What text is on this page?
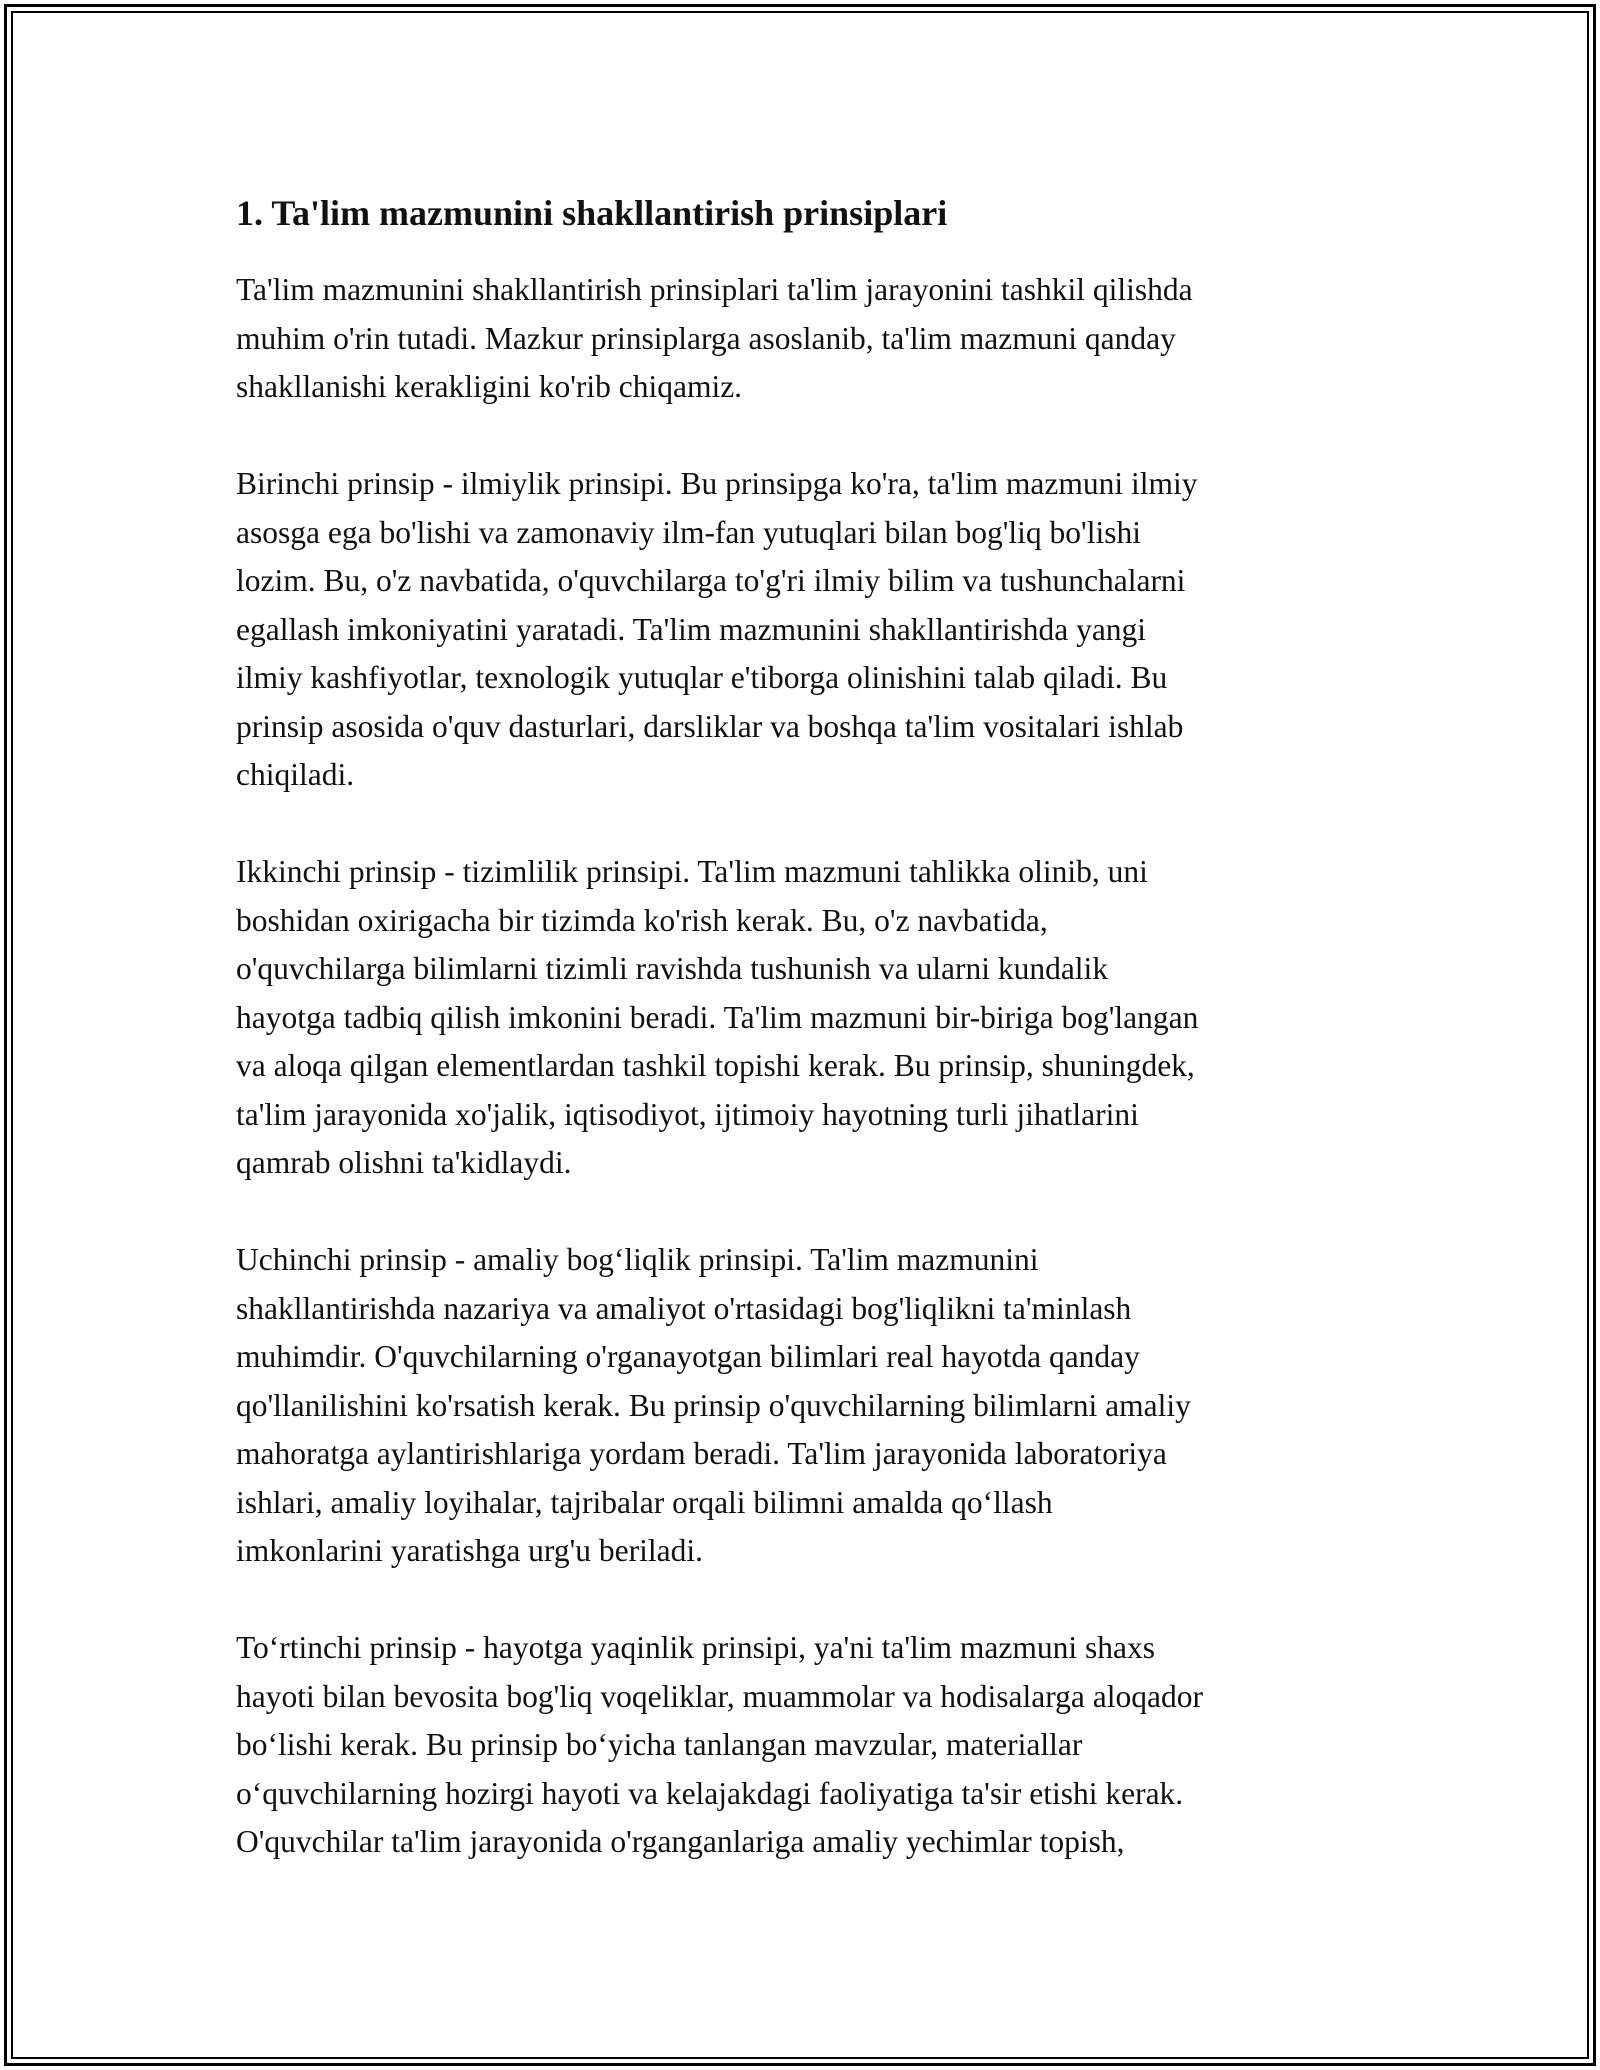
1. Ta'lim mazmunini shakllantirish prinsiplari
Ta'lim mazmunini shakllantirish prinsiplari ta'lim jarayonini tashkil qilishda
muhim o'rin tutadi. Mazkur prinsiplarga asoslanib, ta'lim mazmuni qanday
shakllanishi kerakligini ko'rib chiqamiz.
Birinchi prinsip - ilmiylik prinsipi. Bu prinsipga ko'ra, ta'lim mazmuni ilmiy
asosga ega bo'lishi va zamonaviy ilm-fan yutuqlari bilan bog'liq bo'lishi
lozim. Bu, o'z navbatida, o'quvchilarga to'g'ri ilmiy bilim va tushunchalarni
egallash imkoniyatini yaratadi. Ta'lim mazmunini shakllantirishda yangi
ilmiy kashfiyotlar, texnologik yutuqlar e'tiborga olinishini talab qiladi. Bu
prinsip asosida o'quv dasturlari, darsliklar va boshqa ta'lim vositalari ishlab
chiqiladi.
Ikkinchi prinsip - tizimlilik prinsipi. Ta'lim mazmuni tahlikka olinib, uni
boshidan oxirigacha bir tizimda ko'rish kerak. Bu, o'z navbatida,
o'quvchilarga bilimlarni tizimli ravishda tushunish va ularni kundalik
hayotga tadbiq qilish imkonini beradi. Ta'lim mazmuni bir-biriga bog'langan
va aloqa qilgan elementlardan tashkil topishi kerak. Bu prinsip, shuningdek,
ta'lim jarayonida xo'jalik, iqtisodiyot, ijtimoiy hayotning turli jihatlarini
qamrab olishni ta'kidlaydi.
Uchinchi prinsip - amaliy bog‘liqlik prinsipi. Ta'lim mazmunini
shakllantirishda nazariya va amaliyot o'rtasidagi bog'liqlikni ta'minlash
muhimdir. O'quvchilarning o'rganayotgan bilimlari real hayotda qanday
qo'llanilishini ko'rsatish kerak. Bu prinsip o'quvchilarning bilimlarni amaliy
mahoratga aylantirishlariga yordam beradi. Ta'lim jarayonida laboratoriya
ishlari, amaliy loyihalar, tajribalar orqali bilimni amalda qo‘llash
imkonlarini yaratishga urg'u beriladi.
To‘rtinchi prinsip - hayotga yaqinlik prinsipi, ya'ni ta'lim mazmuni shaxs
hayoti bilan bevosita bog'liq voqeliklar, muammolar va hodisalarga aloqador
bo‘lishi kerak. Bu prinsip bo‘yicha tanlangan mavzular, materiallar
o‘quvchilarning hozirgi hayoti va kelajakdagi faoliyatiga ta'sir etishi kerak.
O'quvchilar ta'lim jarayonida o'rganganlariga amaliy yechimlar topish,
